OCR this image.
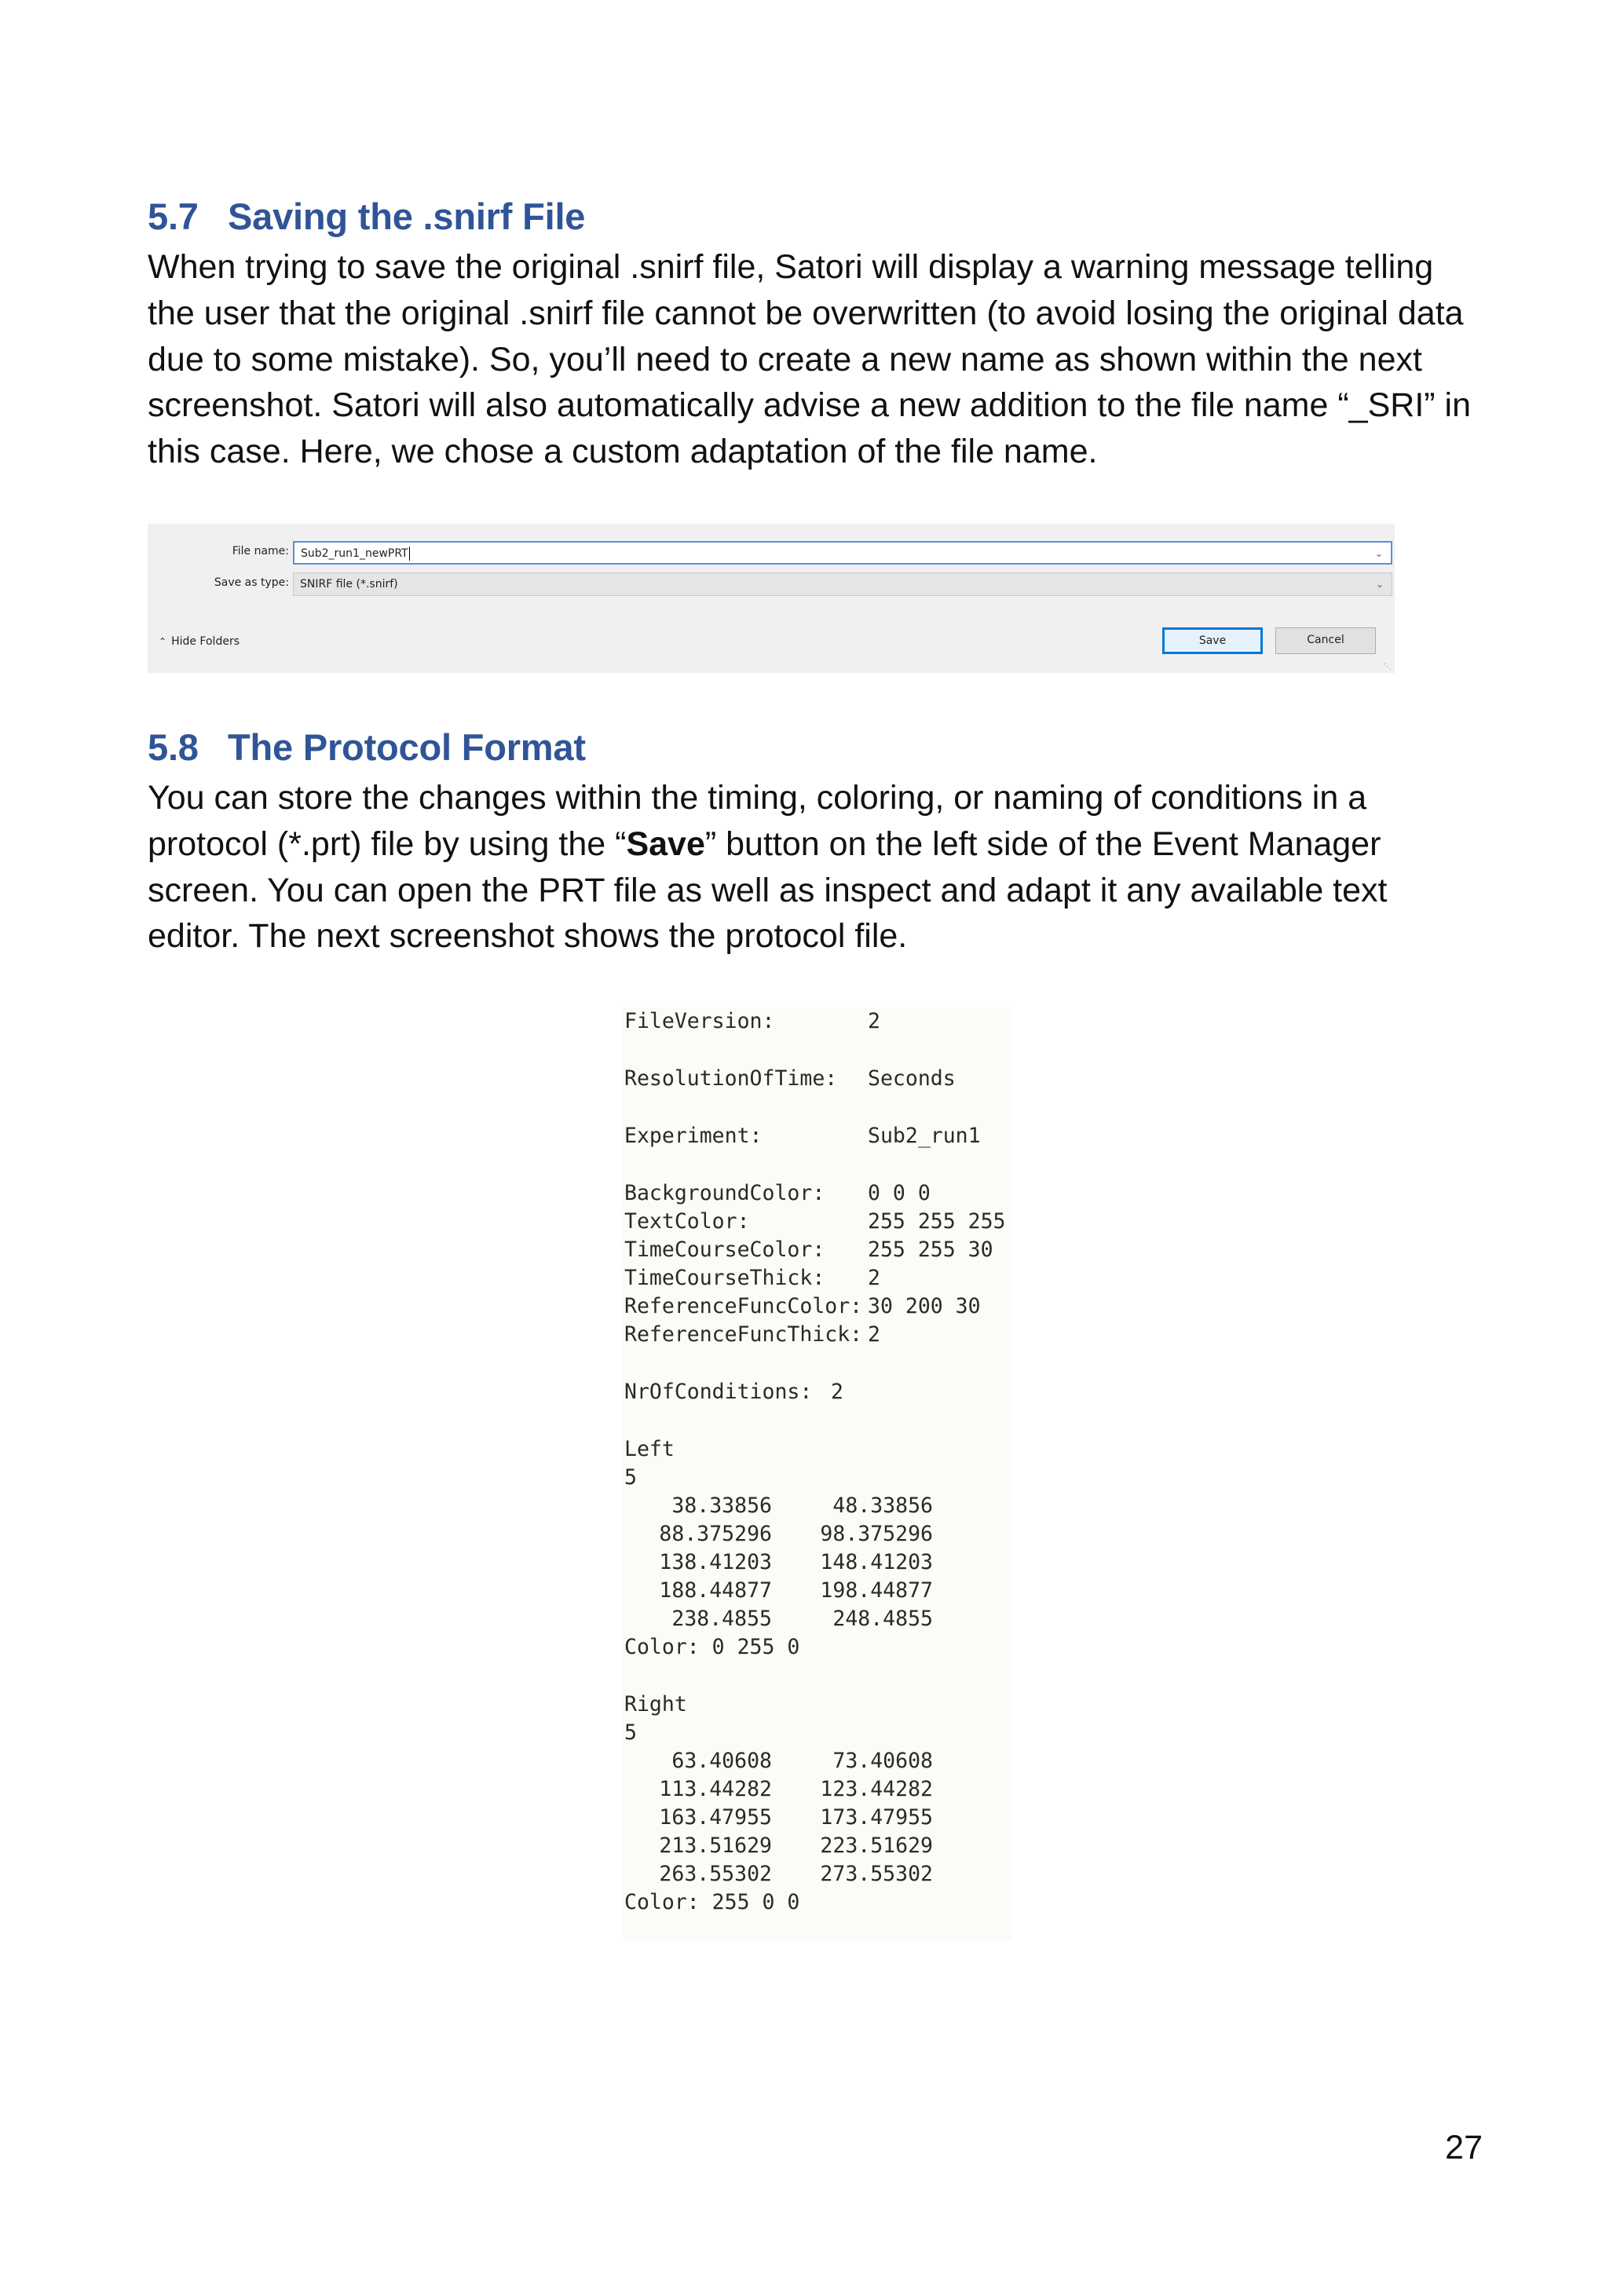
5.7 Saving the .snirf File

When trying to save the original .snirf file, Satori will display a warning message telling the user that the original .snirf file cannot be overwritten (to avoid losing the original data due to some mistake). So, you’ll need to create a new name as shown within the next screenshot. Satori will also automatically advise a new addition to the file name “_SRI” in this case. Here, we chose a custom adaptation of the file name.

File name:	Sub2_run1_newPRT	⌄
Save as type:	SNIRF file (*.snirf)	⌄
⌃ Hide Folders	Save	Cancel
⋱
5.8 The Protocol Format

You can store the changes within the timing, coloring, or naming of conditions in a protocol (*.prt) file by using the “Save” button on the left side of the Event Manager screen. You can open the PRT file as well as inspect and adapt it any available text editor. The next screenshot shows the protocol file.

FileVersion:	2
ResolutionOfTime: Seconds
Experiment:	Sub2_run1
BackgroundColor: 0 0 0
TextColor:	255 255 255
TimeCourseColor: 255 255 30
TimeCourseThick: 2
ReferenceFuncColor: 30 200 30
ReferenceFuncThick: 2
NrOfConditions: 2
Left
5
38.33856	48.33856
88.375296	98.375296
138.41203	148.41203
188.44877	198.44877
238.4855	248.4855
Color: 0 255 0
Right
5
63.40608	73.40608
113.44282	123.44282
163.47955	173.47955
213.51629	223.51629
263.55302	273.55302
Color: 255 0 0
27
